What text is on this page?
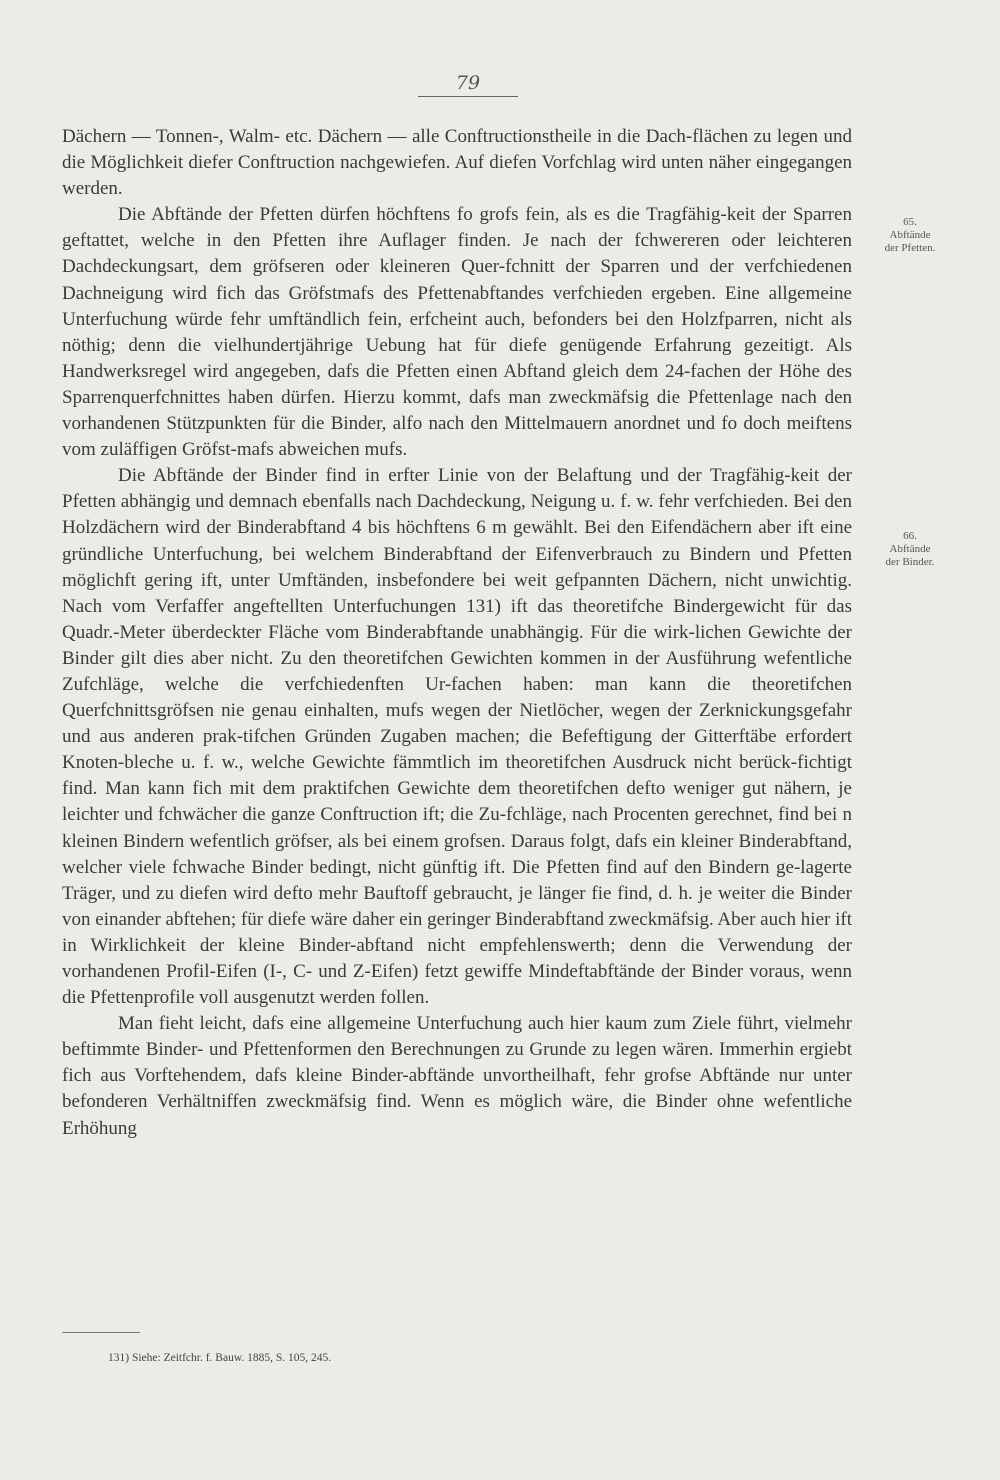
79

Dächern — Tonnen-, Walm- etc. Dächern — alle Conftructionstheile in die Dach-flächen zu legen und die Möglichkeit diefer Conftruction nachgewiefen. Auf diefen Vorfchlag wird unten näher eingegangen werden.

Die Abftände der Pfetten dürfen höchftens fo grofs fein, als es die Tragfähig-keit der Sparren geftattet, welche in den Pfetten ihre Auflager finden. Je nach der fchwereren oder leichteren Dachdeckungsart, dem gröfseren oder kleineren Quer-fchnitt der Sparren und der verfchiedenen Dachneigung wird fich das Gröfstmafs des Pfettenabftandes verfchieden ergeben. Eine allgemeine Unterfuchung würde fehr umftändlich fein, erfcheint auch, befonders bei den Holzfparren, nicht als nöthig; denn die vielhundertjährige Uebung hat für diefe genügende Erfahrung gezeitigt. Als Handwerksregel wird angegeben, dafs die Pfetten einen Abftand gleich dem 24-fachen der Höhe des Sparrenquerfchnittes haben dürfen. Hierzu kommt, dafs man zweckmäfsig die Pfettenlage nach den vorhandenen Stützpunkten für die Binder, alfo nach den Mittelmauern anordnet und fo doch meiftens vom zuläffigen Gröfst-mafs abweichen mufs.

Die Abftände der Binder find in erfter Linie von der Belaftung und der Tragfähig-keit der Pfetten abhängig und demnach ebenfalls nach Dachdeckung, Neigung u. f. w. fehr verfchieden. Bei den Holzdächern wird der Binderabftand 4 bis höchftens 6 m gewählt. Bei den Eifendächern aber ift eine gründliche Unterfuchung, bei welchem Binderabftand der Eifenverbrauch zu Bindern und Pfetten möglichft gering ift, unter Umftänden, insbefondere bei weit gefpannten Dächern, nicht unwichtig. Nach vom Verfaffer angeftellten Unterfuchungen 131) ift das theoretifche Bindergewicht für das Quadr.-Meter überdeckter Fläche vom Binderabftande unabhängig. Für die wirk-lichen Gewichte der Binder gilt dies aber nicht. Zu den theoretifchen Gewichten kommen in der Ausführung wefentliche Zufchläge, welche die verfchiedenften Ur-fachen haben: man kann die theoretifchen Querfchnittsgröfsen nie genau einhalten, mufs wegen der Nietlöcher, wegen der Zerknickungsgefahr und aus anderen prak-tifchen Gründen Zugaben machen; die Befeftigung der Gitterftäbe erfordert Knoten-bleche u. f. w., welche Gewichte fämmtlich im theoretifchen Ausdruck nicht berück-fichtigt find. Man kann fich mit dem praktifchen Gewichte dem theoretifchen defto weniger gut nähern, je leichter und fchwächer die ganze Conftruction ift; die Zu-fchläge, nach Procenten gerechnet, find bei n kleinen Bindern wefentlich gröfser, als bei einem grofsen. Daraus folgt, dafs ein kleiner Binderabftand, welcher viele fchwache Binder bedingt, nicht günftig ift. Die Pfetten find auf den Bindern ge-lagerte Träger, und zu diefen wird defto mehr Bauftoff gebraucht, je länger fie find, d. h. je weiter die Binder von einander abftehen; für diefe wäre daher ein geringer Binderabftand zweckmäfsig. Aber auch hier ift in Wirklichkeit der kleine Binder-abftand nicht empfehlenswerth; denn die Verwendung der vorhandenen Profil-Eifen (I-, C- und Z-Eifen) fetzt gewiffe Mindeftabftände der Binder voraus, wenn die Pfettenprofile voll ausgenutzt werden follen.

Man fieht leicht, dafs eine allgemeine Unterfuchung auch hier kaum zum Ziele führt, vielmehr beftimmte Binder- und Pfettenformen den Berechnungen zu Grunde zu legen wären. Immerhin ergiebt fich aus Vorftehendem, dafs kleine Binder-abftände unvortheilhaft, fehr grofse Abftände nur unter befonderen Verhältniffen zweckmäfsig find. Wenn es möglich wäre, die Binder ohne wefentliche Erhöhung

65.
Abftände
der Pfetten.
66.
Abftände
der Binder.
131) Siehe: Zeitfchr. f. Bauw. 1885, S. 105, 245.
